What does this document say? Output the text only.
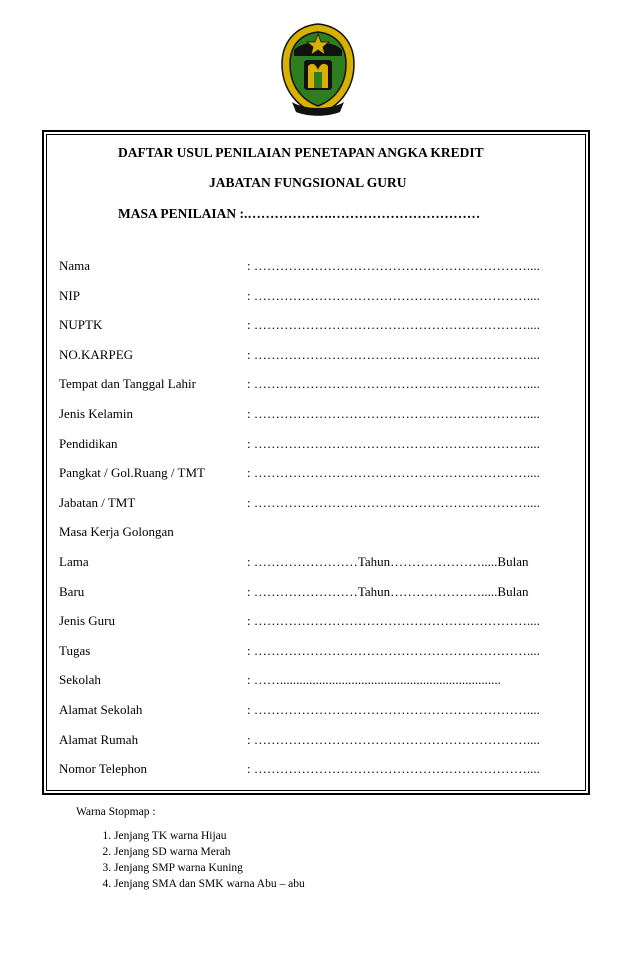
DAFTAR USUL PENILAIAN PENETAPAN ANGKA KREDIT
JABATAN FUNGSIONAL GURU
MASA PENILAIAN :.……………….……………………………
Nama	: ………………………………………………………....
NIP	: ………………………………………………………....
NUPTK	: ………………………………………………………....
NO.KARPEG	: ………………………………………………………....
Tempat dan Tanggal Lahir	: ………………………………………………………....
Jenis Kelamin	: ………………………………………………………....
Pendidikan	: ………………………………………………………....
Pangkat / Gol.Ruang / TMT	: ………………………………………………………....
Jabatan / TMT	: ………………………………………………………....
Masa Kerja Golongan
Lama	: ……………………Tahun………………….....Bulan
Baru	: ……………………Tahun………………….....Bulan
Jenis Guru	: ………………………………………………………....
Tugas	: ………………………………………………………....
Sekolah	: ……....................................................................
Alamat Sekolah	: ………………………………………………………....
Alamat Rumah	: ………………………………………………………....
Nomor Telephon	: ………………………………………………………....
Warna Stopmap :
1. Jenjang TK warna Hijau
2. Jenjang SD warna Merah
3. Jenjang SMP warna Kuning
4. Jenjang SMA dan SMK warna Abu – abu
